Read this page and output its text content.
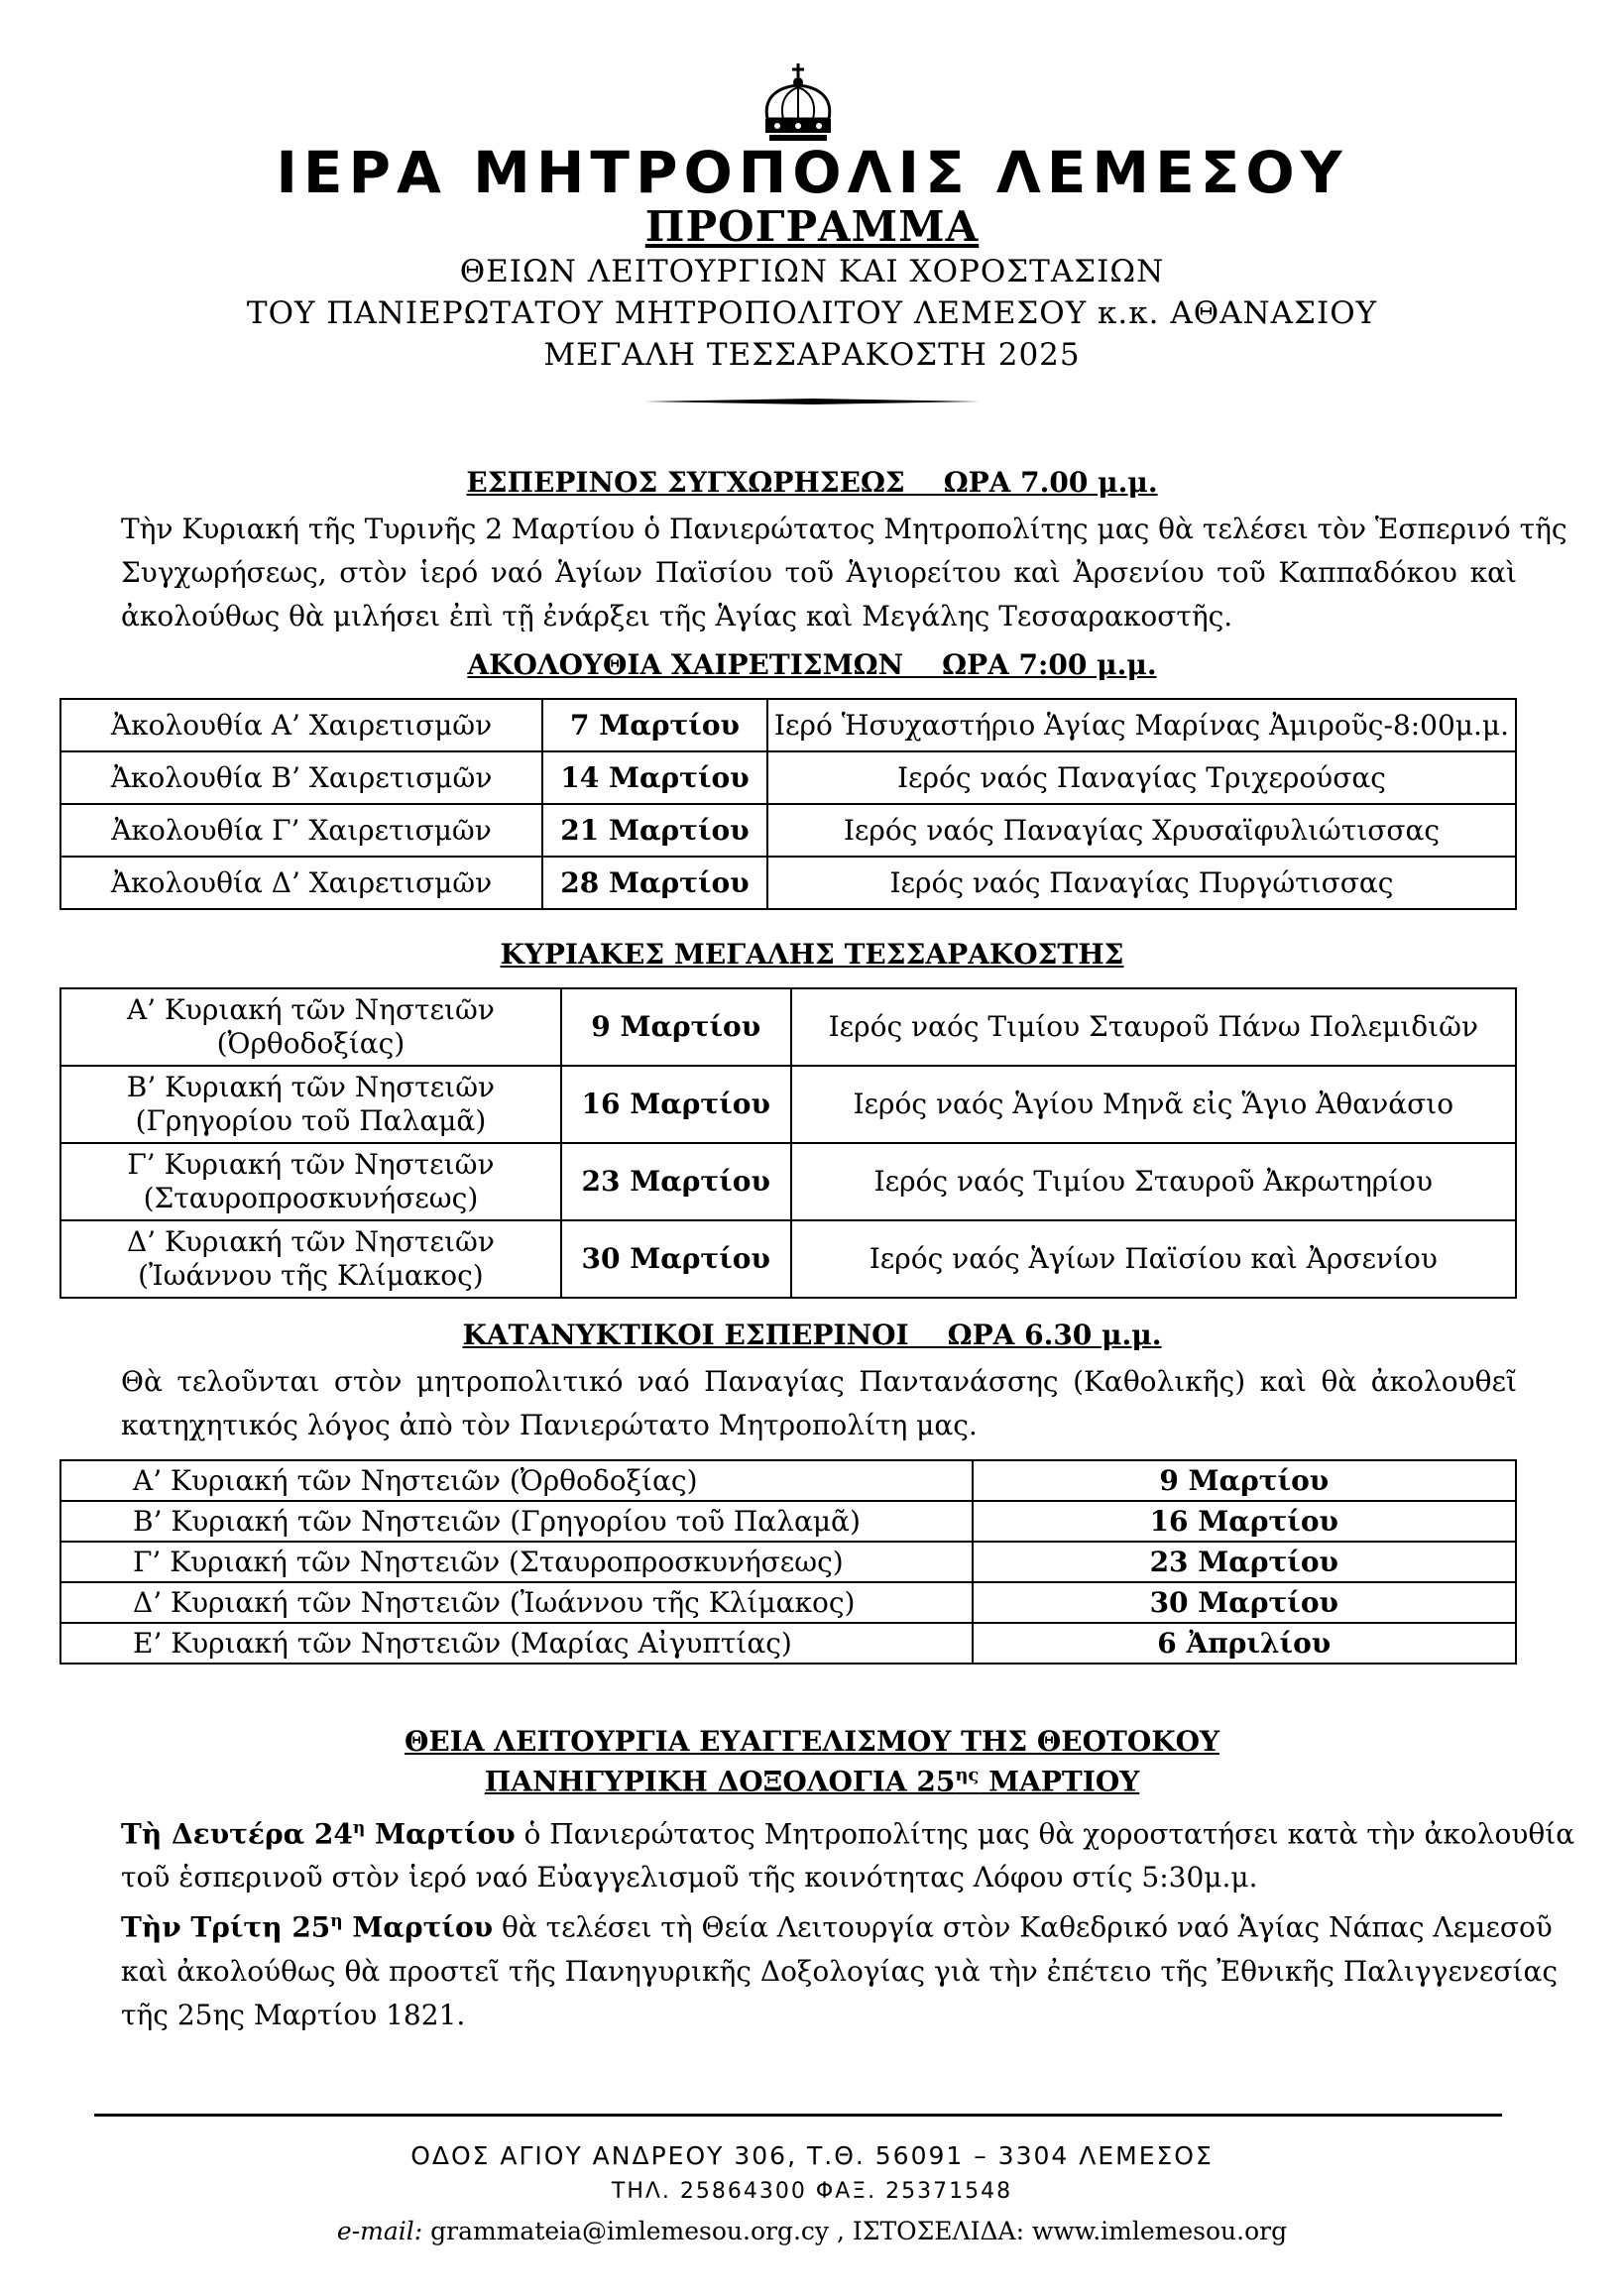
ΙΕΡΑ ΜΗΤΡΟΠΟΛΙΣ ΛΕΜΕΣΟΥ
ΠΡΟΓΡΑΜΜΑ
ΘΕΙΩΝ ΛΕΙΤΟΥΡΓΙΩΝ ΚΑΙ ΧΟΡΟΣΤΑΣΙΩΝ
ΤΟΥ ΠΑΝΙΕΡΩΤΑΤΟΥ ΜΗΤΡΟΠΟΛΙΤΟΥ ΛΕΜΕΣΟΥ κ.κ. ΑΘΑΝΑΣΙΟΥ
ΜΕΓΑΛΗ ΤΕΣΣΑΡΑΚΟΣΤΗ 2025
ΕΣΠΕΡΙΝΟΣ ΣΥΓΧΩΡΗΣΕΩΣ    ΩΡΑ 7.00 μ.μ.
Τὴν Κυριακή τῆς Τυρινῆς 2 Μαρτίου ὁ Πανιερώτατος Μητροπολίτης μας θὰ τελέσει τὸν Ἑσπερινό τῆς
Συγχωρήσεως, στὸν ἱερό ναό Ἁγίων Παϊσίου τοῦ Ἁγιορείτου καὶ Ἀρσενίου τοῦ Καππαδόκου καὶ
ἀκολούθως θὰ μιλήσει ἐπὶ τῇ ἐνάρξει τῆς Ἁγίας καὶ Μεγάλης Τεσσαρακοστῆς.
ΑΚΟΛΟΥΘΙΑ ΧΑΙΡΕΤΙΣΜΩΝ    ΩΡΑ 7:00 μ.μ.
Ἀκολουθία Α’ Χαιρετισμῶν	7 Μαρτίου	Ιερό Ἡσυχαστήριο Ἁγίας Μαρίνας Ἀμιροῦς-8:00μ.μ.
Ἀκολουθία Β’ Χαιρετισμῶν	14 Μαρτίου	Ιερός ναός Παναγίας Τριχερούσας
Ἀκολουθία Γ’ Χαιρετισμῶν	21 Μαρτίου	Ιερός ναός Παναγίας Χρυσαϊφυλιώτισσας
Ἀκολουθία Δ’ Χαιρετισμῶν	28 Μαρτίου	Ιερός ναός Παναγίας Πυργώτισσας
ΚΥΡΙΑΚΕΣ ΜΕΓΑΛΗΣ ΤΕΣΣΑΡΑΚΟΣΤΗΣ
Α’ Κυριακή τῶν Νηστειῶν
(Ὀρθοδοξίας)	9 Μαρτίου	Ιερός ναός Τιμίου Σταυροῦ Πάνω Πολεμιδιῶν

Β’ Κυριακή τῶν Νηστειῶν
(Γρηγορίου τοῦ Παλαμᾶ)	16 Μαρτίου	Ιερός ναός Ἁγίου Μηνᾶ εἰς Ἅγιο Ἀθανάσιο

Γ’ Κυριακή τῶν Νηστειῶν
(Σταυροπροσκυνήσεως)	23 Μαρτίου	Ιερός ναός Τιμίου Σταυροῦ Ἀκρωτηρίου

Δ’ Κυριακή τῶν Νηστειῶν
(Ἰωάννου τῆς Κλίμακος)	30 Μαρτίου	Ιερός ναός Ἁγίων Παϊσίου καὶ Ἀρσενίου
ΚΑΤΑΝΥΚΤΙΚΟΙ ΕΣΠΕΡΙΝΟΙ    ΩΡΑ 6.30 μ.μ.
Θὰ τελοῦνται στὸν μητροπολιτικό ναό Παναγίας Παντανάσσης (Καθολικῆς) καὶ θὰ ἀκολουθεῖ
κατηχητικός λόγος ἀπὸ τὸν Πανιερώτατο Μητροπολίτη μας.
Α’ Κυριακή τῶν Νηστειῶν (Ὀρθοδοξίας)	9 Μαρτίου
Β’ Κυριακή τῶν Νηστειῶν (Γρηγορίου τοῦ Παλαμᾶ)	16 Μαρτίου
Γ’ Κυριακή τῶν Νηστειῶν (Σταυροπροσκυνήσεως)	23 Μαρτίου
Δ’ Κυριακή τῶν Νηστειῶν (Ἰωάννου τῆς Κλίμακος)	30 Μαρτίου
Ε’ Κυριακή τῶν Νηστειῶν (Μαρίας Αἰγυπτίας)	6 Ἀπριλίου
ΘΕΙΑ ΛΕΙΤΟΥΡΓΙΑ ΕΥΑΓΓΕΛΙΣΜΟΥ ΤΗΣ ΘΕΟΤΟΚΟΥ
ΠΑΝΗΓΥΡΙΚΗ ΔΟΞΟΛΟΓΙΑ $25^{\eta\varsigma}$ ΜΑΡΤΙΟΥ
Τὴ Δευτέρα $24^\eta$ Μαρτίου ὁ Πανιερώτατος Μητροπολίτης μας θὰ χοροστατήσει κατὰ τὴν ἀκολουθία
τοῦ ἑσπερινοῦ στὸν ἱερό ναό Εὐαγγελισμοῦ τῆς κοινότητας Λόφου στίς 5:30μ.μ.
Τὴν Τρίτη $25^\eta$ Μαρτίου θὰ τελέσει τὴ Θεία Λειτουργία στὸν Καθεδρικό ναό Ἁγίας Νάπας Λεμεσοῦ
καὶ ἀκολούθως θὰ προστεῖ τῆς Πανηγυρικῆς Δοξολογίας γιὰ τὴν ἐπέτειο τῆς Ἐθνικῆς Παλιγγενεσίας
τῆς 25ης Μαρτίου 1821.
ΟΔΟΣ ΑΓΙΟΥ ΑΝΔΡΕΟΥ 306, Τ.Θ. 56091 – 3304 ΛΕΜΕΣΟΣ
ΤΗΛ. 25864300 ΦΑΞ. 25371548
e-mail: grammateia@imlemesou.org.cy , ΙΣΤΟΣΕΛΙΔΑ: www.imlemesou.org
